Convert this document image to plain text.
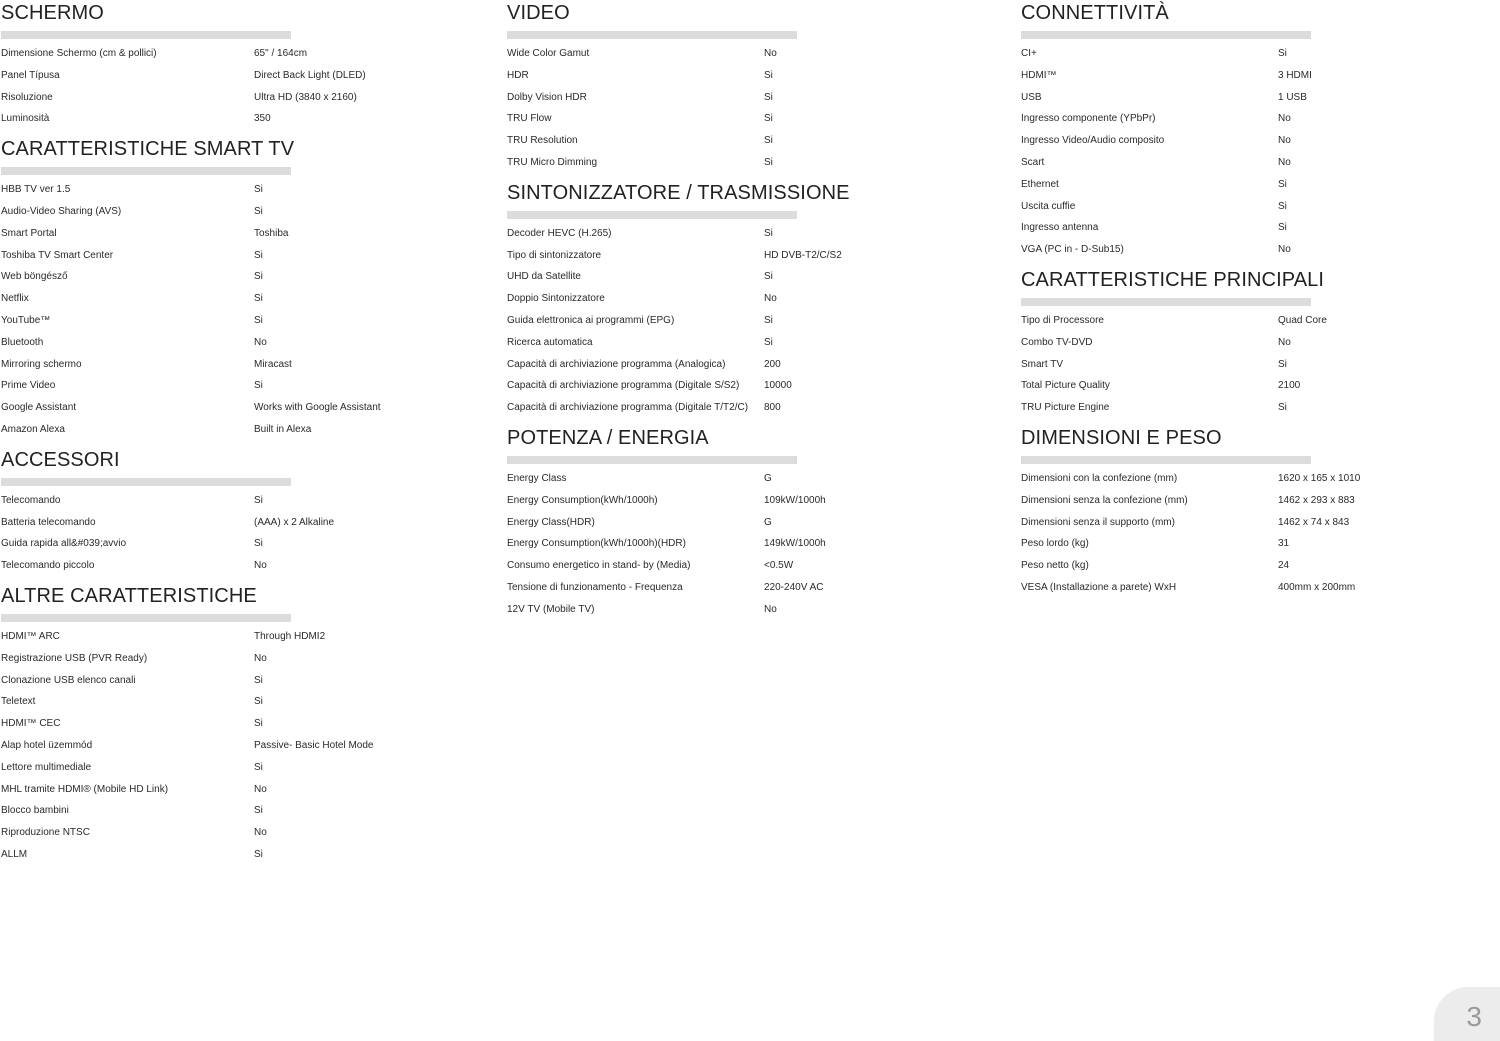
SCHERMO
Dimensione Schermo (cm & pollici)	65" / 164cm
Panel Típusa	Direct Back Light (DLED)
Risoluzione	Ultra HD (3840 x 2160)
Luminosità	350
CARATTERISTICHE SMART TV
HBB TV ver 1.5	Si
Audio-Video Sharing (AVS)	Si
Smart Portal	Toshiba
Toshiba TV Smart Center	Si
Web böngésző	Si
Netflix	Si
YouTube™	Si
Bluetooth	No
Mirroring schermo	Miracast
Prime Video	Si
Google Assistant	Works with Google Assistant
Amazon Alexa	Built in Alexa
ACCESSORI
Telecomando	Si
Batteria telecomando	(AAA) x 2 Alkaline
Guida rapida all&#039;avvio	Si
Telecomando piccolo	No
ALTRE CARATTERISTICHE
HDMI™ ARC	Through HDMI2
Registrazione USB (PVR Ready)	No
Clonazione USB elenco canali	Si
Teletext	Si
HDMI™ CEC	Si
Alap hotel üzemmód	Passive- Basic Hotel Mode
Lettore multimediale	Si
MHL tramite HDMI® (Mobile HD Link)	No
Blocco bambini	Si
Riproduzione NTSC	No
ALLM	Si
VIDEO
Wide Color Gamut	No
HDR	Si
Dolby Vision HDR	Si
TRU Flow	Si
TRU Resolution	Si
TRU Micro Dimming	Si
SINTONIZZATORE / TRASMISSIONE
Decoder HEVC (H.265)	Si
Tipo di sintonizzatore	HD DVB-T2/C/S2
UHD da Satellite	Si
Doppio Sintonizzatore	No
Guida elettronica ai programmi (EPG)	Si
Ricerca automatica	Si
Capacità di archiviazione programma (Analogica)	200
Capacità di archiviazione programma (Digitale S/S2)	10000
Capacità di archiviazione programma (Digitale T/T2/C)	800
POTENZA / ENERGIA
Energy Class	G
Energy Consumption(kWh/1000h)	109kW/1000h
Energy Class(HDR)	G
Energy Consumption(kWh/1000h)(HDR)	149kW/1000h
Consumo energetico in stand- by (Media)	<0.5W
Tensione di funzionamento - Frequenza	220-240V AC
12V TV (Mobile TV)	No
CONNETTIVITÀ
CI+	Si
HDMI™	3 HDMI
USB	1 USB
Ingresso componente (YPbPr)	No
Ingresso Video/Audio composito	No
Scart	No
Ethernet	Si
Uscita cuffie	Si
Ingresso antenna	Si
VGA (PC in - D-Sub15)	No
CARATTERISTICHE PRINCIPALI
Tipo di Processore	Quad Core
Combo TV-DVD	No
Smart TV	Si
Total Picture Quality	2100
TRU Picture Engine	Si
DIMENSIONI E PESO
Dimensioni con la confezione (mm)	1620 x 165 x 1010
Dimensioni senza la confezione (mm)	1462 x 293 x 883
Dimensioni senza il supporto (mm)	1462 x 74 x 843
Peso lordo (kg)	31
Peso netto (kg)	24
VESA (Installazione a parete) WxH	400mm x 200mm
3
